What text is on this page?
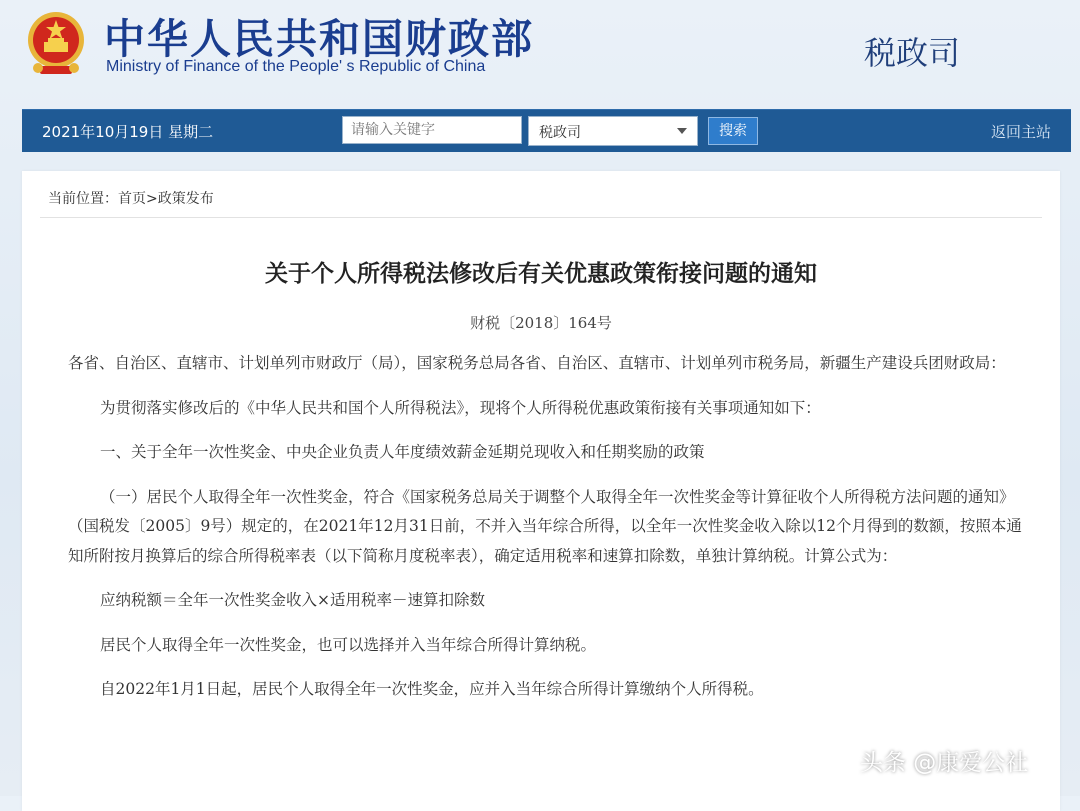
中华人民共和国财政部
Ministry of Finance of the People' s Republic of China	税政司
2021年10月19日 星期二
请输入关键字	税政司	搜索	返回主站
当前位置：首页>政策发布
关于个人所得税法修改后有关优惠政策衔接问题的通知
财税〔2018〕164号

各省、自治区、直辖市、计划单列市财政厅（局），国家税务总局各省、自治区、直辖市、计划单列市税务局，新疆生产建设兵团财政局：

为贯彻落实修改后的《中华人民共和国个人所得税法》，现将个人所得税优惠政策衔接有关事项通知如下：

一、关于全年一次性奖金、中央企业负责人年度绩效薪金延期兑现收入和任期奖励的政策

（一）居民个人取得全年一次性奖金，符合《国家税务总局关于调整个人取得全年一次性奖金等计算征收个人所得税方法问题的通知》（国税发〔2005〕9号）规定的，在2021年12月31日前，不并入当年综合所得，以全年一次性奖金收入除以12个月得到的数额，按照本通知所附按月换算后的综合所得税率表（以下简称月度税率表），确定适用税率和速算扣除数，单独计算纳税。计算公式为：

应纳税额＝全年一次性奖金收入×适用税率－速算扣除数

居民个人取得全年一次性奖金，也可以选择并入当年综合所得计算纳税。

自2022年1月1日起，居民个人取得全年一次性奖金，应并入当年综合所得计算缴纳个人所得税。

头条 @康爱公社
